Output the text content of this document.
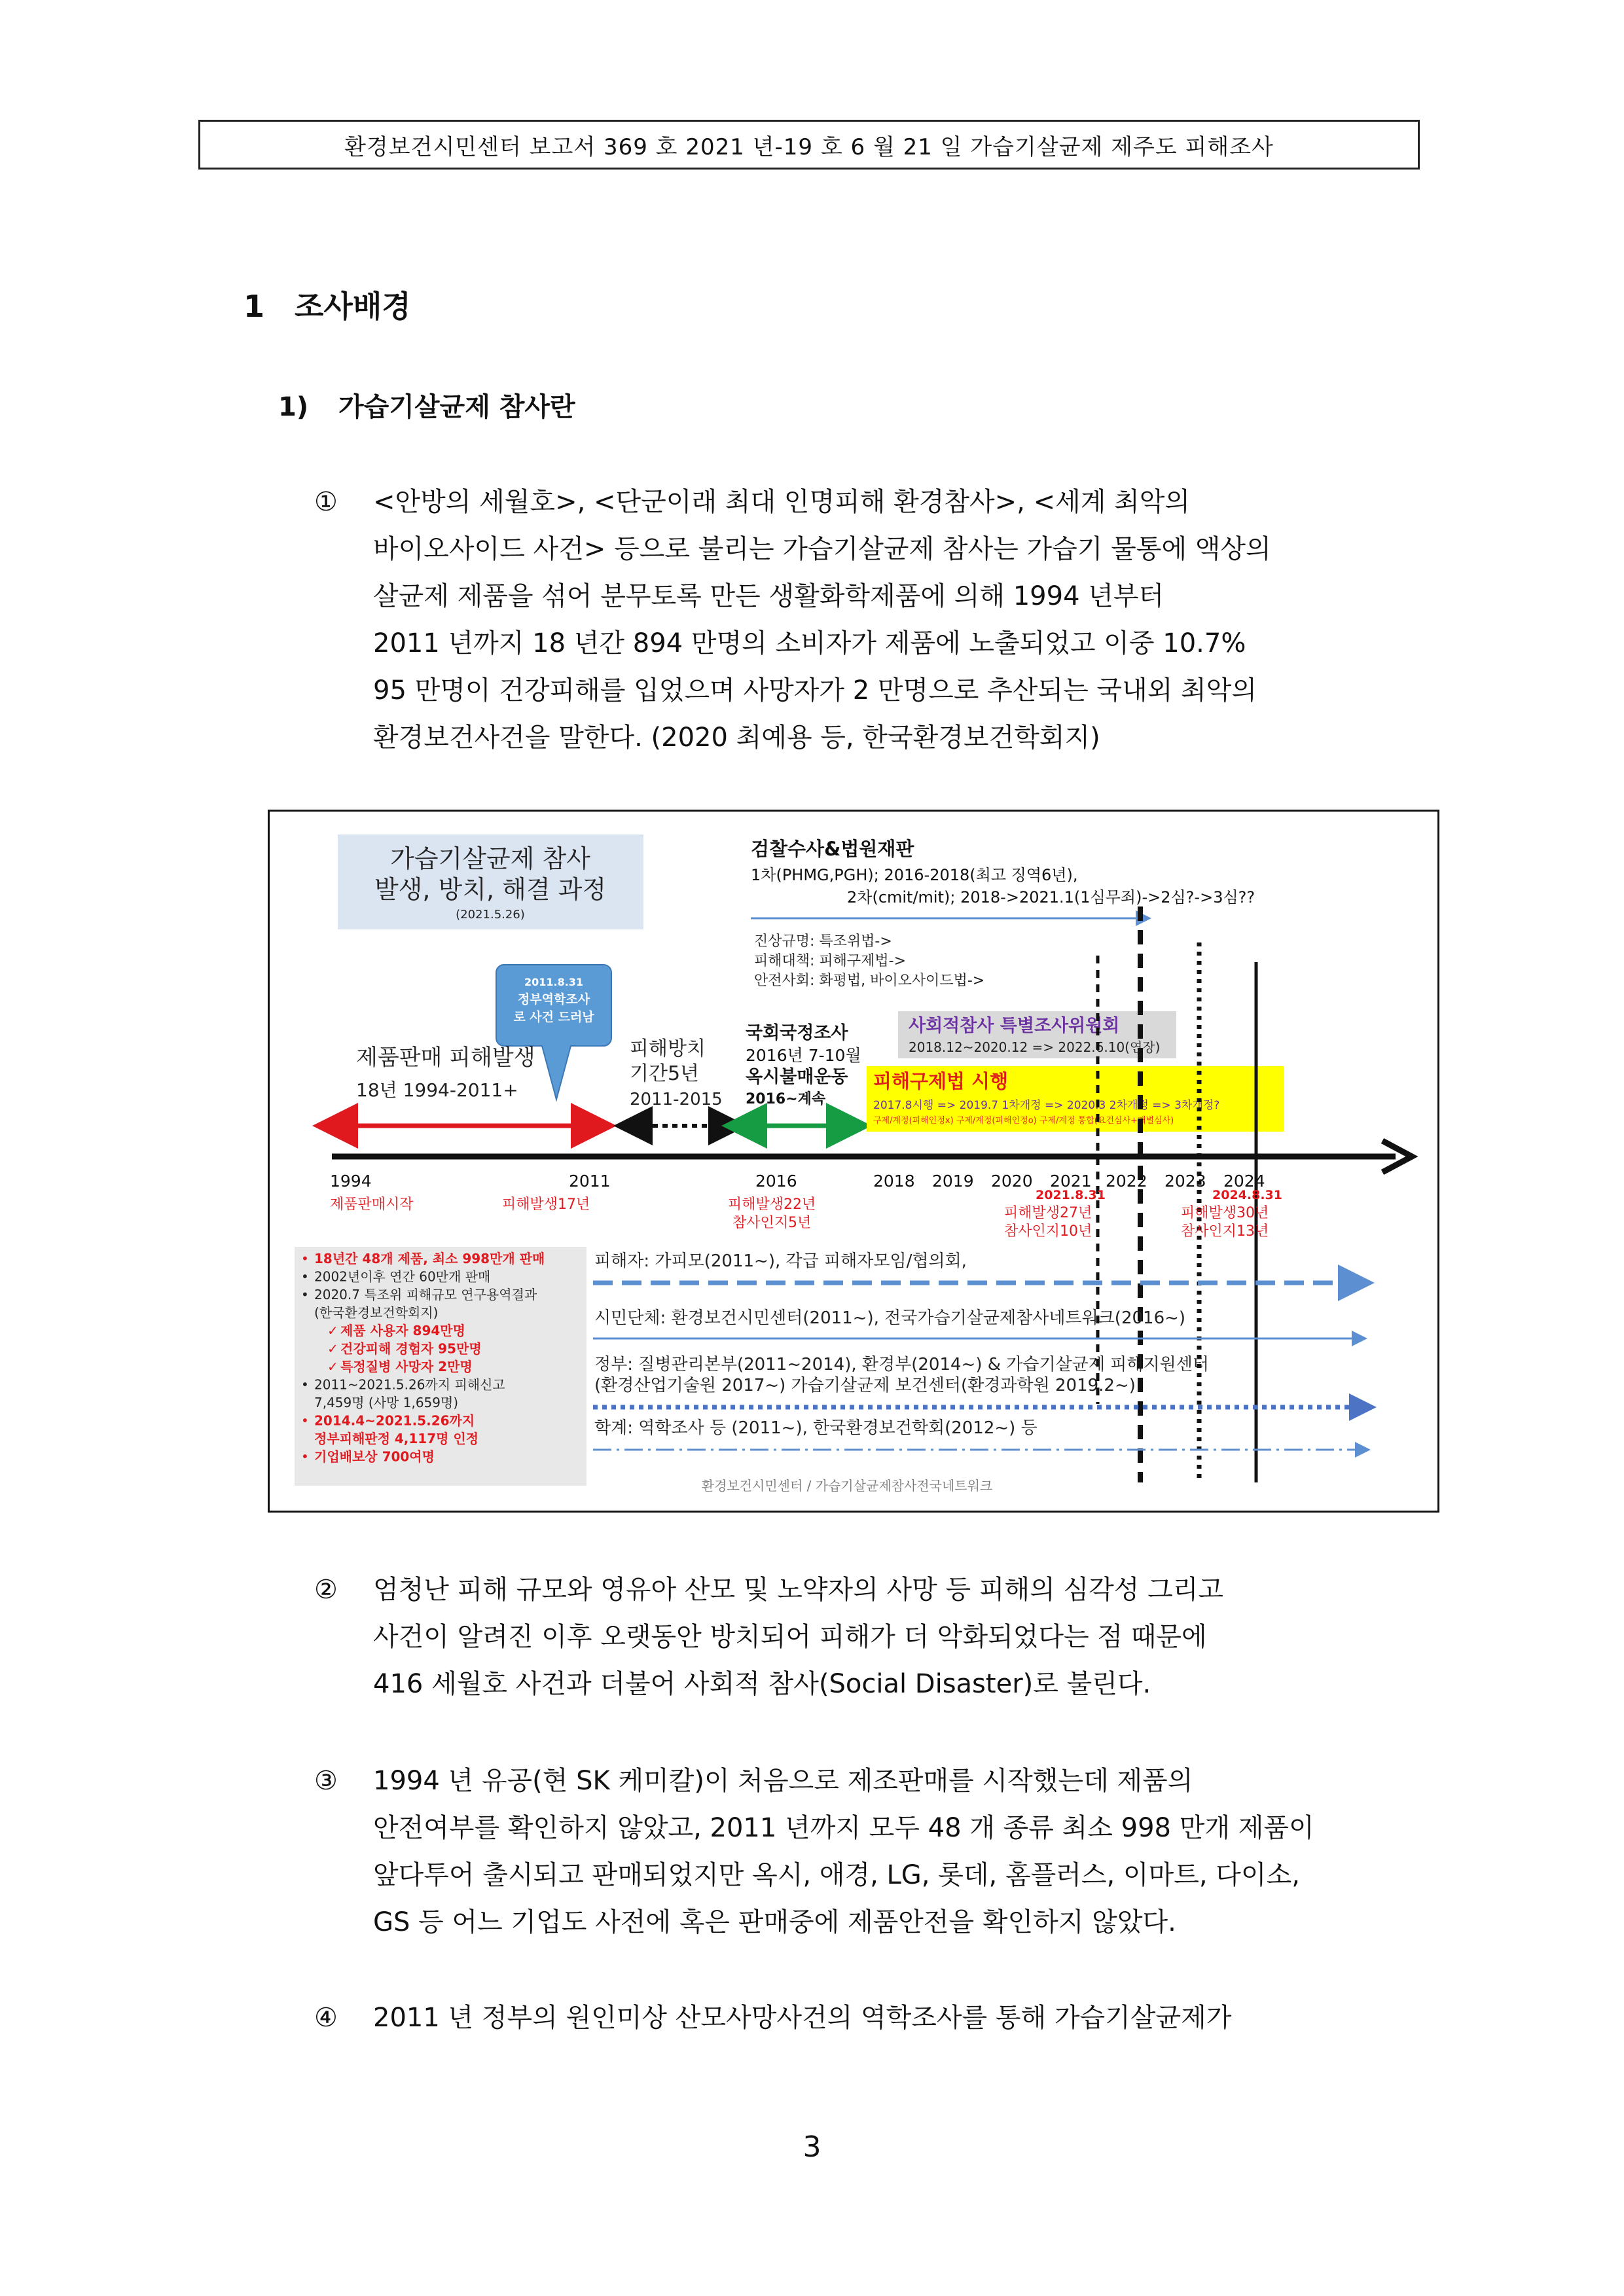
환경보건시민센터 보고서 369 호 2021 년-19 호 6 월 21 일 가습기살균제 제주도 피해조사
1 조사배경
1) 가습기살균제 참사란
① <안방의 세월호>, <단군이래 최대 인명피해 환경참사>, <세계 최악의
바이오사이드 사건> 등으로 불리는 가습기살균제 참사는 가습기 물통에 액상의
살균제 제품을 섞어 분무토록 만든 생활화학제품에 의해 1994 년부터
2011 년까지 18 년간 894 만명의 소비자가 제품에 노출되었고 이중 10.7%
95 만명이 건강피해를 입었으며 사망자가 2 만명으로 추산되는 국내외 최악의
환경보건사건을 말한다. (2020 최예용 등, 한국환경보건학회지)
가습기살균제 참사
발생, 방치, 해결 과정
(2021.5.26)
검찰수사&법원재판
1차(PHMG,PGH); 2016-2018(최고 징역6년),
2차(cmit/mit); 2018->2021.1(1심무죄)->2심?->3심??
진상규명: 특조위법->
피해대책: 피해구제법->
안전사회: 화평법, 바이오사이드법->
2011.8.31
정부역학조사
로 사건 드러남
제품판매 피해발생
18년 1994-2011+
피해방치
기간5년
2011-2015
국회국정조사
2016년 7-10월
옥시불매운동
2016~계속
사회적참사 특별조사위원회
2018.12~2020.12 => 2022.6.10(연장)
피해구제법 시행
2017.8시행 => 2019.7 1차개정 => 2020.3 2차개정 => 3차개정?
구제/계정(피해인정x) 구제/계정(피해인정o) 구제/계정 통합(요건심사+개별심사)
1994	2011	2016	2018 2019 2020 2021 2022 2023 2024
제품판매시작	피해발생17년	피해발생22년
참사인지5년
2021.8.31
피해발생27년
참사인지10년
2024.8.31
피해발생30년
참사인지13년
• 18년간 48개 제품, 최소 998만개 판매
• 2002년이후 연간 60만개 판매
• 2020.7 특조위 피해규모 연구용역결과
(한국환경보건학회지)
✓ 제품 사용자 894만명
✓ 건강피해 경험자 95만명
✓ 특정질병 사망자 2만명
• 2011~2021.5.26까지 피해신고
7,459명 (사망 1,659명)
• 2014.4~2021.5.26까지
정부피해판정 4,117명 인정
• 기업배보상 700여명
피해자: 가피모(2011~), 각급 피해자모임/협의회,
시민단체: 환경보건시민센터(2011~), 전국가습기살균제참사네트워크(2016~)
정부: 질병관리본부(2011~2014), 환경부(2014~) & 가습기살균제 피해지원센터
(환경산업기술원 2017~) 가습기살균제 보건센터(환경과학원 2019.2~)
학계: 역학조사 등 (2011~), 한국환경보건학회(2012~) 등
환경보건시민센터 / 가습기살균제참사전국네트워크
② 엄청난 피해 규모와 영유아 산모 및 노약자의 사망 등 피해의 심각성 그리고
사건이 알려진 이후 오랫동안 방치되어 피해가 더 악화되었다는 점 때문에
416 세월호 사건과 더불어 사회적 참사(Social Disaster)로 불린다.
③ 1994 년 유공(현 SK 케미칼)이 처음으로 제조판매를 시작했는데 제품의
안전여부를 확인하지 않았고, 2011 년까지 모두 48 개 종류 최소 998 만개 제품이
앞다투어 출시되고 판매되었지만 옥시, 애경, LG, 롯데, 홈플러스, 이마트, 다이소,
GS 등 어느 기업도 사전에 혹은 판매중에 제품안전을 확인하지 않았다.
④ 2011 년 정부의 원인미상 산모사망사건의 역학조사를 통해 가습기살균제가
3
